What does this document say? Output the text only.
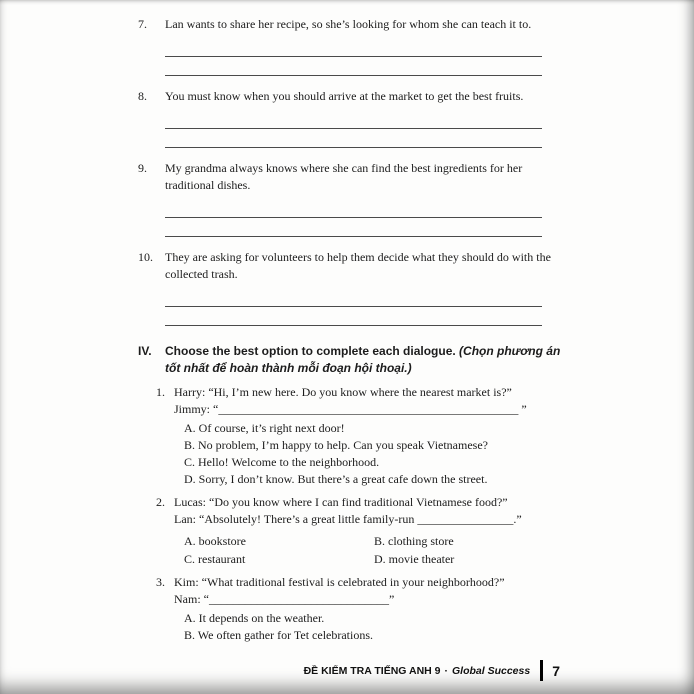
7.	Lan wants to share her recipe, so she’s looking for whom she can teach it to.

8.	You must know when you should arrive at the market to get the best fruits.

9.	My grandma always knows where she can find the best ingredients for her traditional dishes.

10.	They are asking for volunteers to help them decide what they should do with the collected trash.

IV.	Choose the best option to complete each dialogue. (Chọn phương án tốt nhất để hoàn thành mỗi đoạn hội thoại.)

1. Harry: “Hi, I’m new here. Do you know where the nearest market is?”

Jimmy: “__________________________________________________ ”

A. Of course, it’s right next door!

B. No problem, I’m happy to help. Can you speak Vietnamese?

C. Hello! Welcome to the neighborhood.

D. Sorry, I don’t know. But there’s a great cafe down the street.

2. Lucas: “Do you know where I can find traditional Vietnamese food?”

Lan: “Absolutely! There’s a great little family-run ________________.”

A. bookstore	B. clothing store

C. restaurant	D. movie theater

3. Kim: “What traditional festival is celebrated in your neighborhood?”

Nam: “______________________________”

A. It depends on the weather.

B. We often gather for Tet celebrations.

ĐỀ KIỂM TRA TIẾNG ANH 9 · Global Success 7
